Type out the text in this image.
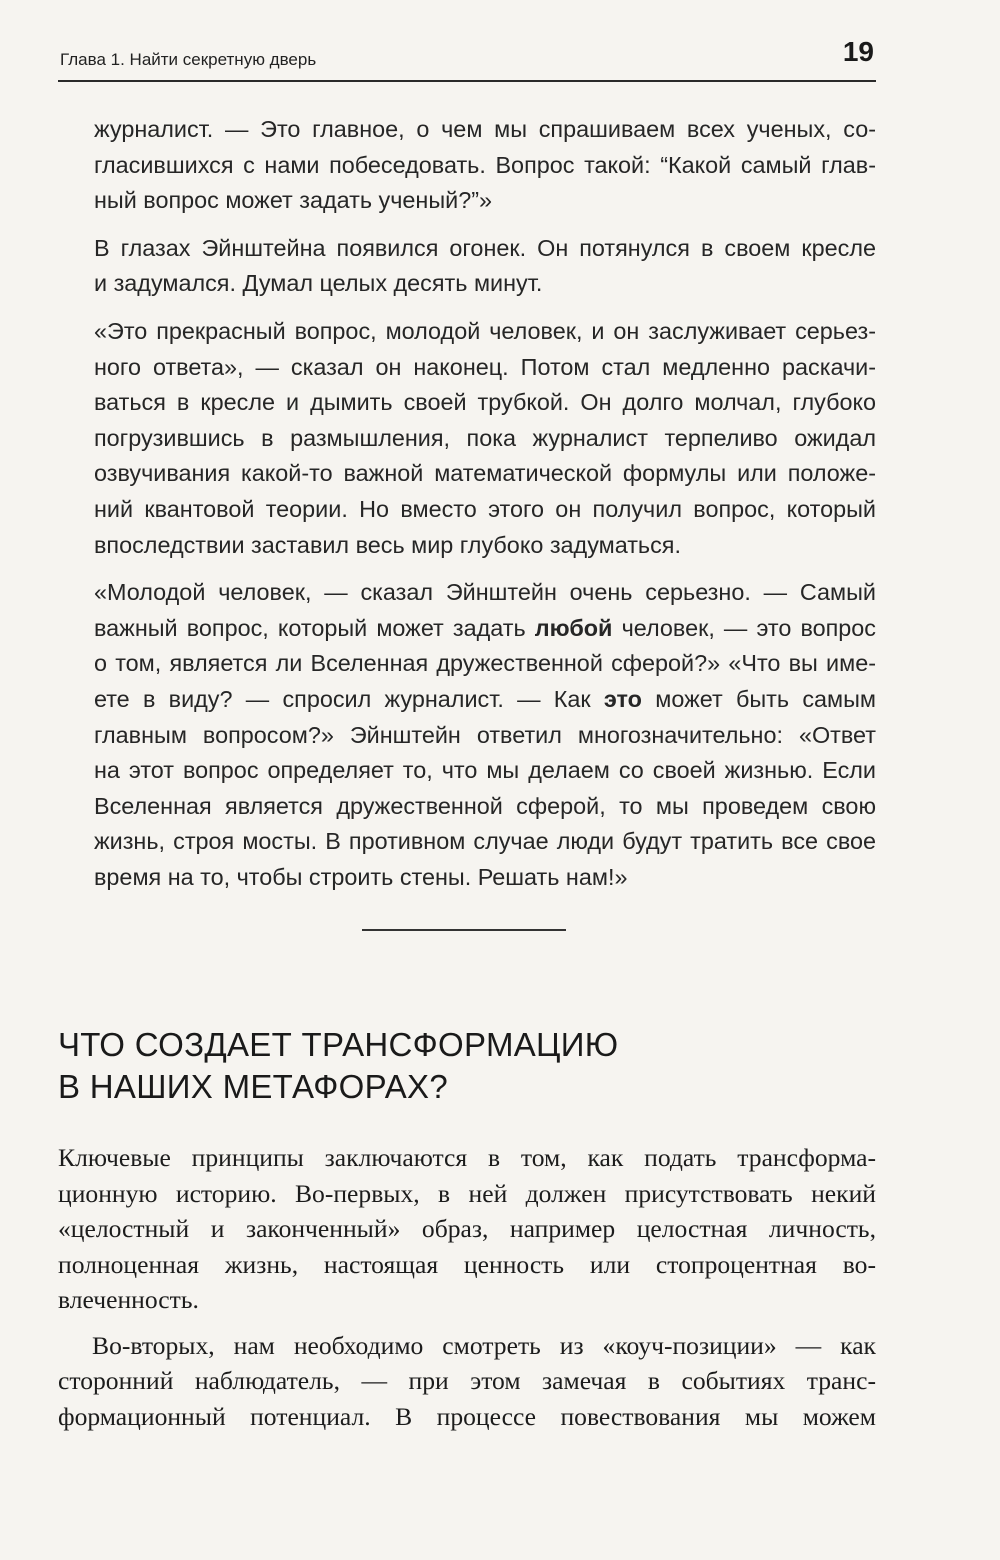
Глава 1. Найти секретную дверь	19
журналист. — Это главное, о чем мы спрашиваем всех ученых, со-
гласившихся с нами побеседовать. Вопрос такой: “Какой самый глав-
ный вопрос может задать ученый?”»
В глазах Эйнштейна появился огонек. Он потянулся в своем кресле
и задумался. Думал целых десять минут.
«Это прекрасный вопрос, молодой человек, и он заслуживает серьез-
ного ответа», — сказал он наконец. Потом стал медленно раскачи-
ваться в кресле и дымить своей трубкой. Он долго молчал, глубоко
погрузившись в размышления, пока журналист терпеливо ожидал
озвучивания какой-то важной математической формулы или положе-
ний квантовой теории. Но вместо этого он получил вопрос, который
впоследствии заставил весь мир глубоко задуматься.
«Молодой человек, — сказал Эйнштейн очень серьезно. — Самый
важный вопрос, который может задать любой человек, — это вопрос
о том, является ли Вселенная дружественной сферой?» «Что вы име-
ете в виду? — спросил журналист. — Как это может быть самым
главным вопросом?» Эйнштейн ответил многозначительно: «Ответ
на этот вопрос определяет то, что мы делаем со своей жизнью. Если
Вселенная является дружественной сферой, то мы проведем свою
жизнь, строя мосты. В противном случае люди будут тратить все свое
время на то, чтобы строить стены. Решать нам!»
ЧТО СОЗДАЕТ ТРАНСФОРМАЦИЮ
В НАШИХ МЕТАФОРАХ?
Ключевые принципы заключаются в том, как подать трансформа-
ционную историю. Во-первых, в ней должен присутствовать некий
«целостный и законченный» образ, например целостная личность,
полноценная жизнь, настоящая ценность или стопроцентная во-
влеченность.
Во-вторых, нам необходимо смотреть из «коуч-позиции» — как
сторонний наблюдатель, — при этом замечая в событиях транс-
формационный потенциал. В процессе повествования мы можем
